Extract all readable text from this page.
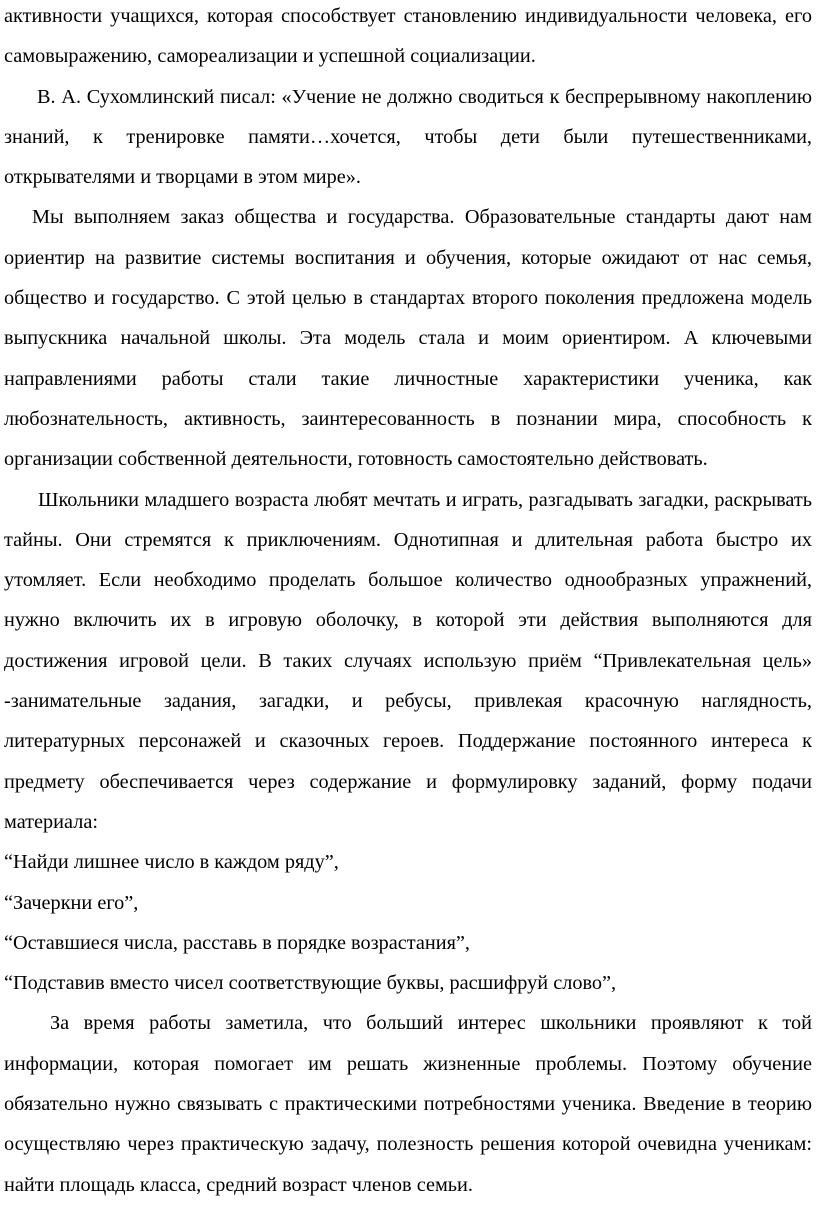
активности учащихся, которая способствует становлению индивидуальности человека, его самовыражению, самореализации и успешной социализации.

В. А. Сухомлинский писал: «Учение не должно сводиться к беспрерывному накоплению знаний, к тренировке памяти…хочется, чтобы дети были путешественниками, открывателями и творцами в этом мире».

Мы выполняем заказ общества и государства. Образовательные стандарты дают нам ориентир на развитие системы воспитания и обучения, которые ожидают от нас семья, общество и государство. С этой целью в стандартах второго поколения предложена модель выпускника начальной школы. Эта модель стала и моим ориентиром. А ключевыми направлениями работы стали такие личностные характеристики ученика, как любознательность, активность, заинтересованность в познании мира, способность к организации собственной деятельности, готовность самостоятельно действовать.

Школьники младшего возраста любят мечтать и играть, разгадывать загадки, раскрывать тайны. Они стремятся к приключениям. Однотипная и длительная работа быстро их утомляет. Если необходимо проделать большое количество однообразных упражнений, нужно включить их в игровую оболочку, в которой эти действия выполняются для достижения игровой цели. В таких случаях использую приём “Привлекательная цель» -занимательные задания, загадки, и ребусы, привлекая красочную наглядность, литературных персонажей и сказочных героев. Поддержание постоянного интереса к предмету обеспечивается через содержание и формулировку заданий, форму подачи материала:

“Найди лишнее число в каждом ряду”,

“Зачеркни его”,

“Оставшиеся числа, расставь в порядке возрастания”,

“Подставив вместо чисел соответствующие буквы, расшифруй слово”,

За время работы заметила, что больший интерес школьники проявляют к той информации, которая помогает им решать жизненные проблемы. Поэтому обучение обязательно нужно связывать с практическими потребностями ученика. Введение в теорию осуществляю через практическую задачу, полезность решения которой очевидна ученикам: найти площадь класса, средний возраст членов семьи.
